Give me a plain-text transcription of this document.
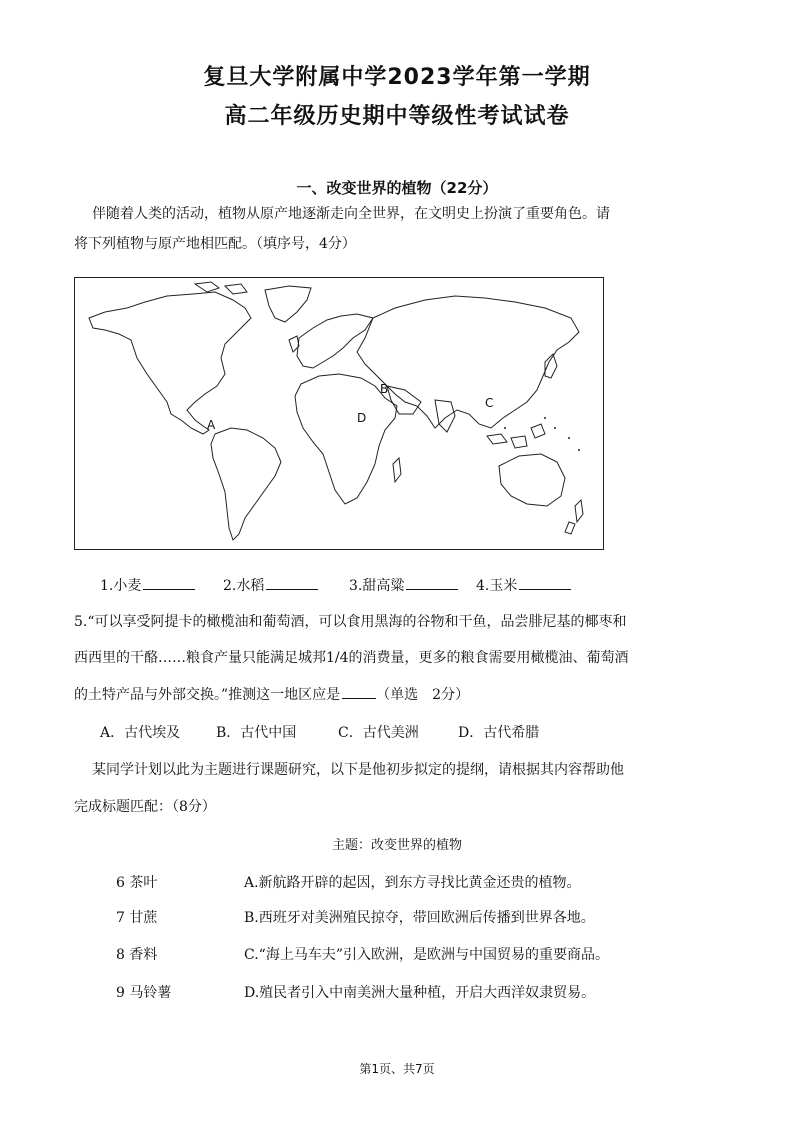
复旦大学附属中学2023学年第一学期
高二年级历史期中等级性考试试卷
一、改变世界的植物（22分）
伴随着人类的活动，植物从原产地逐渐走向全世界，在文明史上扮演了重要角色。请
将下列植物与原产地相匹配。（填序号，4分）
A
B
C
D
1.小麦	2.水稻	3.甜高粱	4.玉米
5.“可以享受阿提卡的橄榄油和葡萄酒，可以食用黑海的谷物和干鱼，品尝腓尼基的椰枣和
西西里的干酪……粮食产量只能满足城邦1/4的消费量，更多的粮食需要用橄榄油、葡萄酒
的土特产品与外部交换。”推测这一地区应是	（单选　2分）
A．古代埃及	B．古代中国	C．古代美洲	D．古代希腊
某同学计划以此为主题进行课题研究，以下是他初步拟定的提纲，请根据其内容帮助他
完成标题匹配：（8分）
主题：改变世界的植物
6 茶叶	A.新航路开辟的起因，到东方寻找比黄金还贵的植物。
7 甘蔗	B.西班牙对美洲殖民掠夺，带回欧洲后传播到世界各地。
8 香料	C.“海上马车夫”引入欧洲，是欧洲与中国贸易的重要商品。
9 马铃薯	D.殖民者引入中南美洲大量种植，开启大西洋奴隶贸易。
第1页、共7页
